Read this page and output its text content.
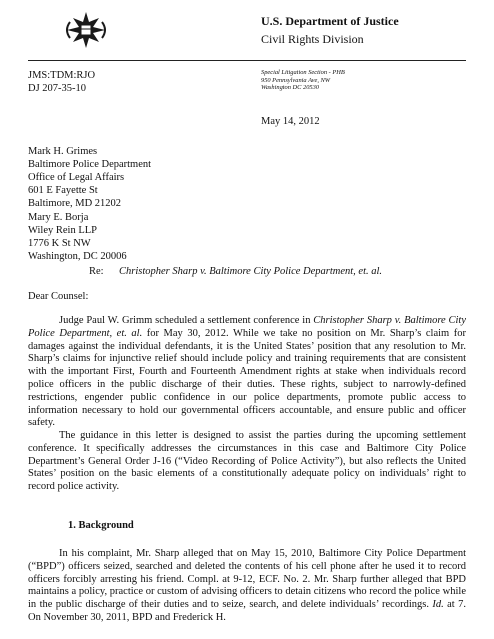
U.S. Department of Justice
Civil Rights Division
JMS:TDM:RJO
DJ 207-35-10
Special Litigation Section - PHB
950 Pennsylvania Ave, NW
Washington DC 20530
May 14, 2012
Mark H. Grimes
Baltimore Police Department
Office of Legal Affairs
601 E Fayette St
Baltimore, MD 21202
Mary E. Borja
Wiley Rein LLP
1776 K St NW
Washington, DC 20006
Re: Christopher Sharp v. Baltimore City Police Department, et. al.
Dear Counsel:
Judge Paul W. Grimm scheduled a settlement conference in Christopher Sharp v. Baltimore City Police Department, et. al. for May 30, 2012. While we take no position on Mr. Sharp’s claim for damages against the individual defendants, it is the United States’ position that any resolution to Mr. Sharp’s claims for injunctive relief should include policy and training requirements that are consistent with the important First, Fourth and Fourteenth Amendment rights at stake when individuals record police officers in the public discharge of their duties. These rights, subject to narrowly-defined restrictions, engender public confidence in our police departments, promote public access to information necessary to hold our governmental officers accountable, and ensure public and officer safety.
The guidance in this letter is designed to assist the parties during the upcoming settlement conference. It specifically addresses the circumstances in this case and Baltimore City Police Department’s General Order J-16 (“Video Recording of Police Activity”), but also reflects the United States’ position on the basic elements of a constitutionally adequate policy on individuals’ right to record police activity.
1. Background
In his complaint, Mr. Sharp alleged that on May 15, 2010, Baltimore City Police Department (“BPD”) officers seized, searched and deleted the contents of his cell phone after he used it to record officers forcibly arresting his friend. Compl. at 9-12, ECF. No. 2. Mr. Sharp further alleged that BPD maintains a policy, practice or custom of advising officers to detain citizens who record the police while in the public discharge of their duties and to seize, search, and delete individuals’ recordings. Id. at 7. On November 30, 2011, BPD and Frederick H.
